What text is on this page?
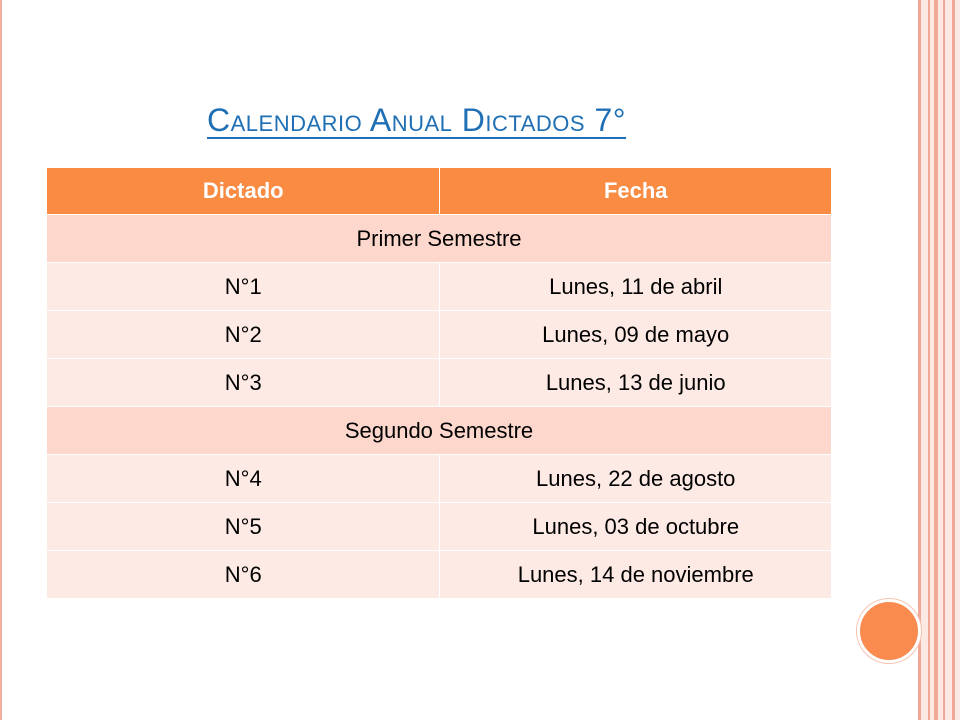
Calendario Anual Dictados 7°
Dictado	Fecha
Primer Semestre	
N°1	Lunes, 11 de abril
N°2	Lunes, 09 de mayo
N°3	Lunes, 13 de junio
Segundo Semestre	
N°4	Lunes, 22 de agosto
N°5	Lunes, 03 de octubre
N°6	Lunes, 14 de noviembre
